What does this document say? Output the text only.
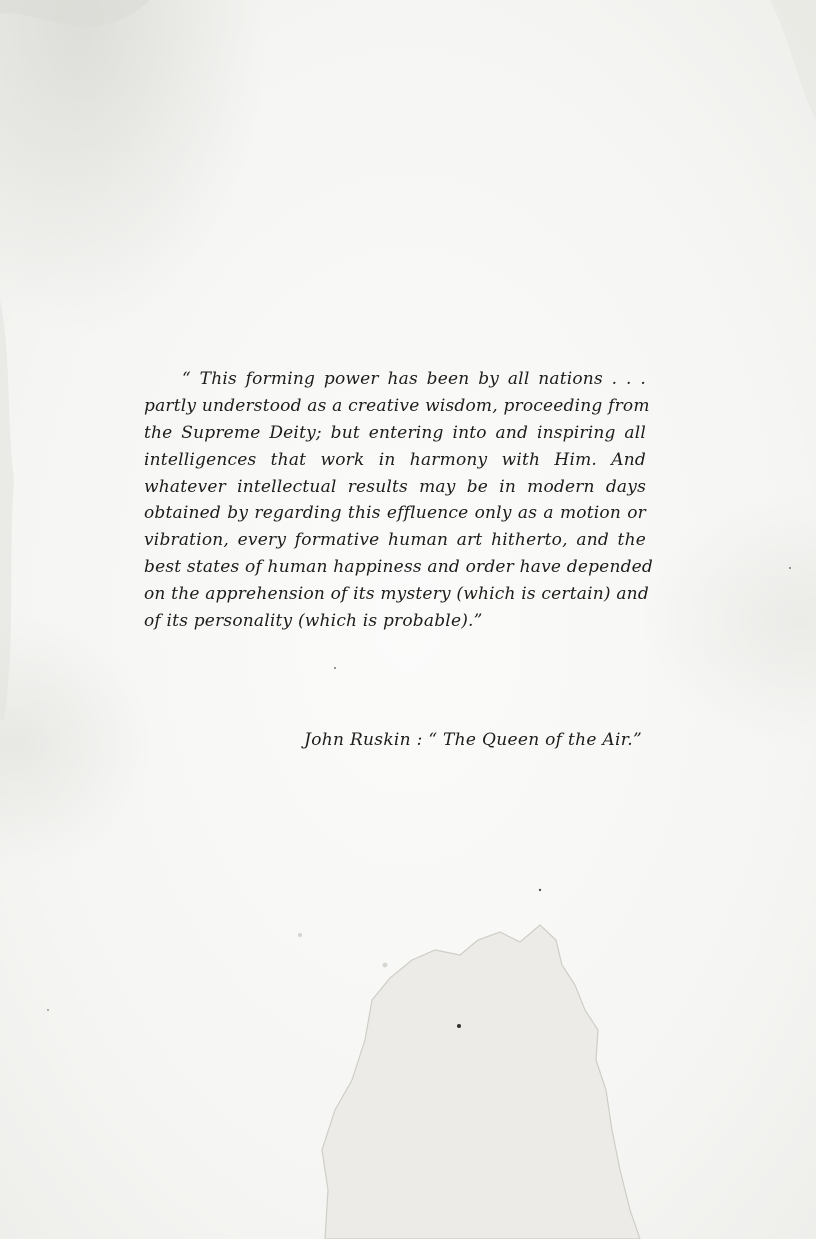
“ This forming power has been by all nations . . .
partly understood as a creative wisdom, proceeding from
the Supreme Deity; but entering into and inspiring all
intelligences that work in harmony with Him. And
whatever intellectual results may be in modern days
obtained by regarding this effluence only as a motion or
vibration, every formative human art hitherto, and the
best states of human happiness and order have depended
on the apprehension of its mystery (which is certain) and
of its personality (which is probable).”

John Ruskin : “ The Queen of the Air.”
